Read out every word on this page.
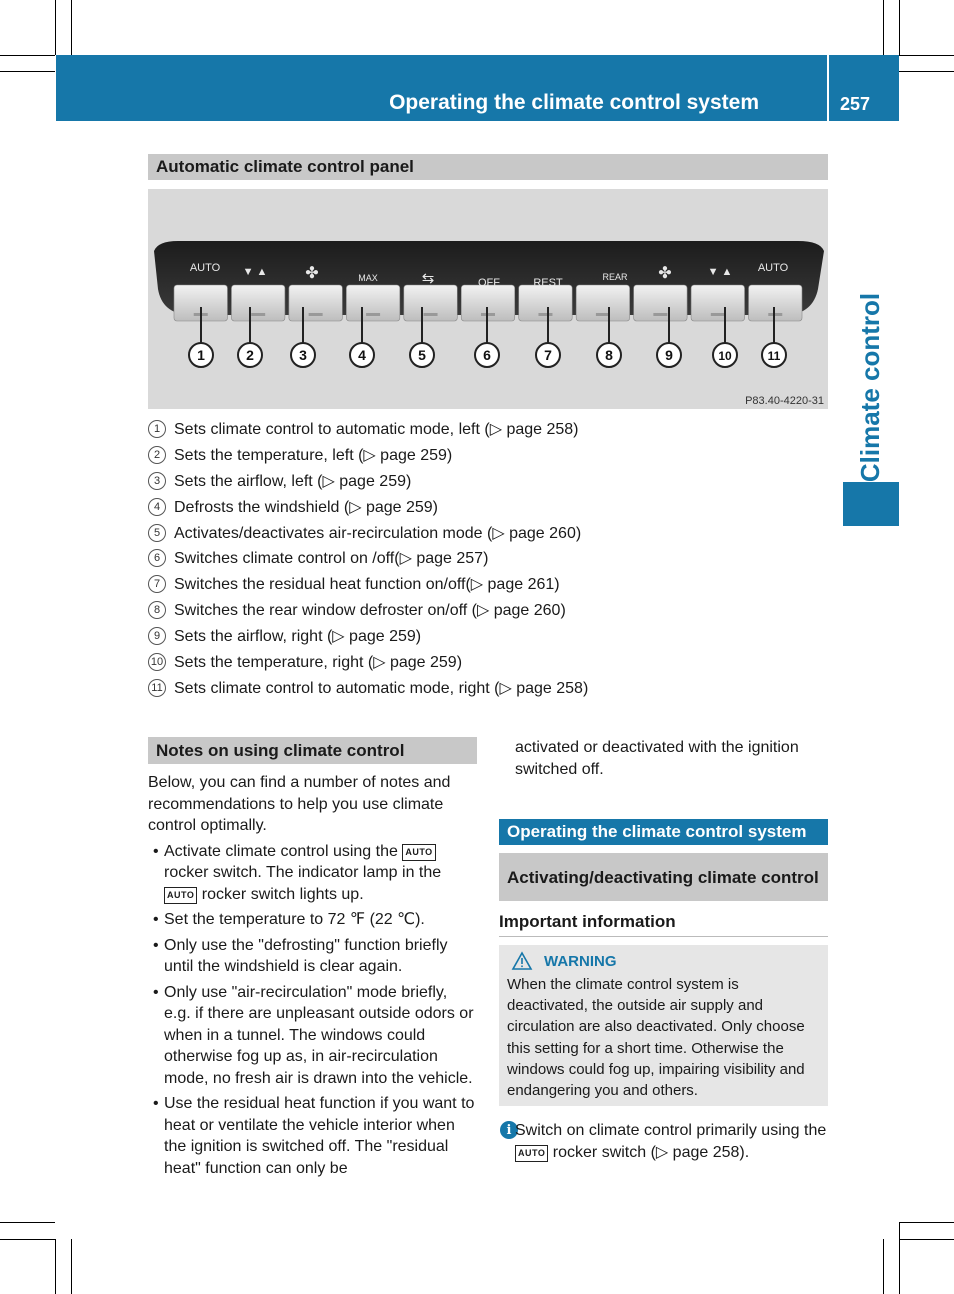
Operating the climate control system	257
Climate control
Automatic climate control panel
AUTO ▼ ▲ ✤	MAX	⇆	OFF	REST	REAR ✤	▼ ▲ AUTO
1	2	3	4	5	6	7	8	9	10	11
P83.40-4220-31
1 Sets climate control to automatic mode, left (▷ page 258)
2 Sets the temperature, left (▷ page 259)
3 Sets the airflow, left (▷ page 259)
4 Defrosts the windshield (▷ page 259)
5 Activates/deactivates air-recirculation mode (▷ page 260)
6 Switches climate control on /off(▷ page 257)
7 Switches the residual heat function on/off(▷ page 261)
8 Switches the rear window defroster on/off (▷ page 260)
9 Sets the airflow, right (▷ page 259)
10 Sets the temperature, right (▷ page 259)
11 Sets climate control to automatic mode, right (▷ page 258)
Notes on using climate control
Below, you can find a number of notes and recommendations to help you use climate control optimally.
• Activate climate control using the AUTO rocker switch. The indicator lamp in the AUTO rocker switch lights up.
• Set the temperature to 72 ℉ (22 ℃).
• Only use the "defrosting" function briefly until the windshield is clear again.
• Only use "air-recirculation" mode briefly, e.g. if there are unpleasant outside odors or when in a tunnel. The windows could otherwise fog up as, in air-recirculation mode, no fresh air is drawn into the vehicle.
• Use the residual heat function if you want to heat or ventilate the vehicle interior when the ignition is switched off. The "residual heat" function can only be
activated or deactivated with the ignition switched off.
Operating the climate control system
Activating/deactivating climate control
Important information
WARNING
When the climate control system is deactivated, the outside air supply and circulation are also deactivated. Only choose this setting for a short time. Otherwise the windows could fog up, impairing visibility and endangering you and others.
i Switch on climate control primarily using the AUTO rocker switch (▷ page 258).
